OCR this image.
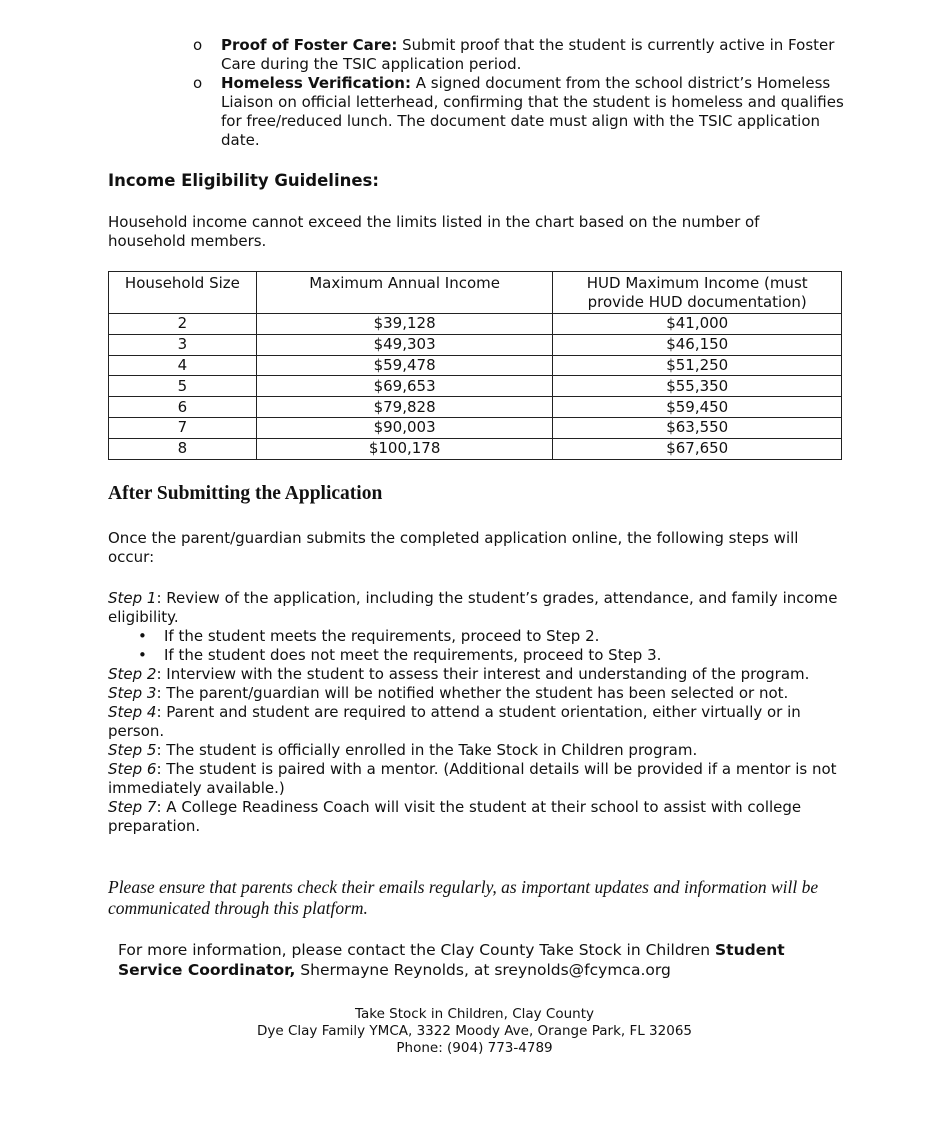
o	Proof of Foster Care: Submit proof that the student is currently active in Foster Care during the TSIC application period.
o	Homeless Verification: A signed document from the school district’s Homeless Liaison on official letterhead, confirming that the student is homeless and qualifies for free/reduced lunch. The document date must align with the TSIC application date.
Income Eligibility Guidelines:
Household income cannot exceed the limits listed in the chart based on the number of household members.
Household Size	Maximum Annual Income	HUD Maximum Income (must provide HUD documentation)
2	$39,128	$41,000
3	$49,303	$46,150
4	$59,478	$51,250
5	$69,653	$55,350
6	$79,828	$59,450
7	$90,003	$63,550
8	$100,178	$67,650
After Submitting the Application
Once the parent/guardian submits the completed application online, the following steps will occur:
Step 1: Review of the application, including the student’s grades, attendance, and family income eligibility.
• If the student meets the requirements, proceed to Step 2.
• If the student does not meet the requirements, proceed to Step 3.
Step 2: Interview with the student to assess their interest and understanding of the program.
Step 3: The parent/guardian will be notified whether the student has been selected or not.
Step 4: Parent and student are required to attend a student orientation, either virtually or in person.
Step 5: The student is officially enrolled in the Take Stock in Children program.
Step 6: The student is paired with a mentor. (Additional details will be provided if a mentor is not immediately available.)
Step 7: A College Readiness Coach will visit the student at their school to assist with college preparation.
Please ensure that parents check their emails regularly, as important updates and information will be communicated through this platform.
For more information, please contact the Clay County Take Stock in Children Student Service Coordinator, Shermayne Reynolds, at sreynolds@fcymca.org
Take Stock in Children, Clay County
Dye Clay Family YMCA, 3322 Moody Ave, Orange Park, FL 32065
Phone: (904) 773-4789
